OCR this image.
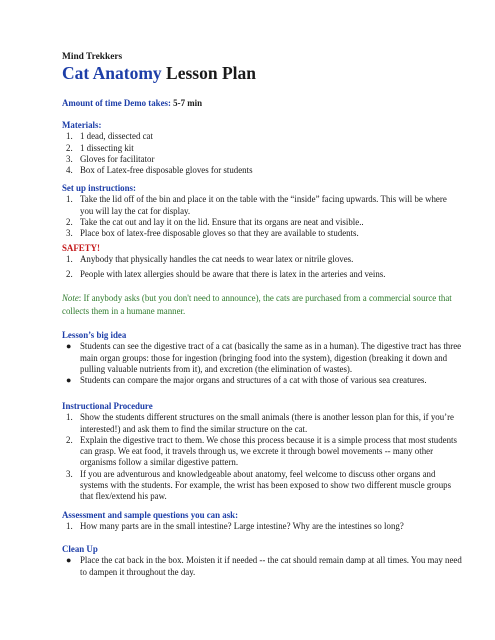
Mind Trekkers
Cat Anatomy Lesson Plan
Amount of time Demo takes: 5-7 min
Materials:
1. 1 dead, dissected cat
2. 1 dissecting kit
3. Gloves for facilitator
4. Box of Latex-free disposable gloves for students
Set up instructions:
1. Take the lid off of the bin and place it on the table with the “inside” facing upwards. This will be where you will lay the cat for display.
2. Take the cat out and lay it on the lid. Ensure that its organs are neat and visible..
3. Place box of latex-free disposable gloves so that they are available to students.
SAFETY!
1. Anybody that physically handles the cat needs to wear latex or nitrile gloves.
2. People with latex allergies should be aware that there is latex in the arteries and veins.
Note: If anybody asks (but you don't need to announce), the cats are purchased from a commercial source that collects them in a humane manner.
Lesson’s big idea
● Students can see the digestive tract of a cat (basically the same as in a human). The digestive tract has three main organ groups: those for ingestion (bringing food into the system), digestion (breaking it down and pulling valuable nutrients from it), and excretion (the elimination of wastes).
● Students can compare the major organs and structures of a cat with those of various sea creatures.
Instructional Procedure
1. Show the students different structures on the small animals (there is another lesson plan for this, if you’re interested!) and ask them to find the similar structure on the cat.
2. Explain the digestive tract to them. We chose this process because it is a simple process that most students can grasp. We eat food, it travels through us, we excrete it through bowel movements -- many other organisms follow a similar digestive pattern.
3. If you are adventurous and knowledgeable about anatomy, feel welcome to discuss other organs and systems with the students. For example, the wrist has been exposed to show two different muscle groups that flex/extend his paw.
Assessment and sample questions you can ask:
1. How many parts are in the small intestine? Large intestine? Why are the intestines so long?
Clean Up
● Place the cat back in the box. Moisten it if needed -- the cat should remain damp at all times. You may need to dampen it throughout the day.
